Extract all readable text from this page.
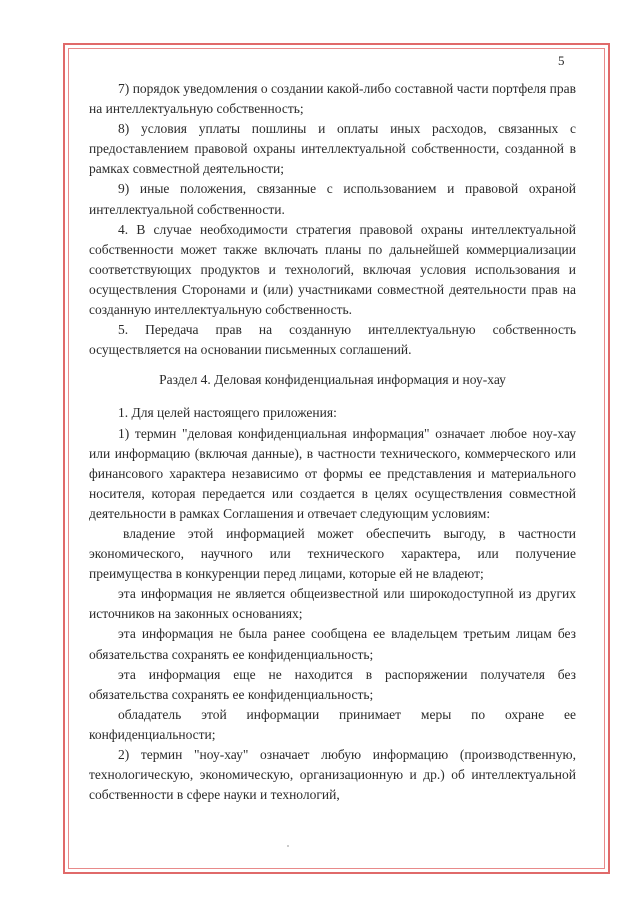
5

7) порядок уведомления о создании какой-либо составной части портфеля прав на интеллектуальную собственность;

8) условия уплаты пошлины и оплаты иных расходов, связанных с предоставлением правовой охраны интеллектуальной собственности, созданной в рамках совместной деятельности;

9) иные положения, связанные с использованием и правовой охраной интеллектуальной собственности.

4. В случае необходимости стратегия правовой охраны интеллектуальной собственности может также включать планы по дальнейшей коммерциализации соответствующих продуктов и технологий, включая условия использования и осуществления Сторонами и (или) участниками совместной деятельности прав на созданную интеллектуальную собственность.

5. Передача прав на созданную интеллектуальную собственность осуществляется на основании письменных соглашений.

Раздел 4. Деловая конфиденциальная информация и ноу-хау

1. Для целей настоящего приложения:

1) термин "деловая конфиденциальная информация" означает любое ноу-хау или информацию (включая данные), в частности технического, коммерческого или финансового характера независимо от формы ее представления и материального носителя, которая передается или создается в целях осуществления совместной деятельности в рамках Соглашения и отвечает следующим условиям:

владение этой информацией может обеспечить выгоду, в частности экономического, научного или технического характера, или получение преимущества в конкуренции перед лицами, которые ей не владеют;

эта информация не является общеизвестной или широкодоступной из других источников на законных основаниях;

эта информация не была ранее сообщена ее владельцем третьим лицам без обязательства сохранять ее конфиденциальность;

эта информация еще не находится в распоряжении получателя без обязательства сохранять ее конфиденциальность;

обладатель этой информации принимает меры по охране ее конфиденциальности;

2) термин "ноу-хау" означает любую информацию (производственную, технологическую, экономическую, организационную и др.) об интеллектуальной собственности в сфере науки и технологий,
